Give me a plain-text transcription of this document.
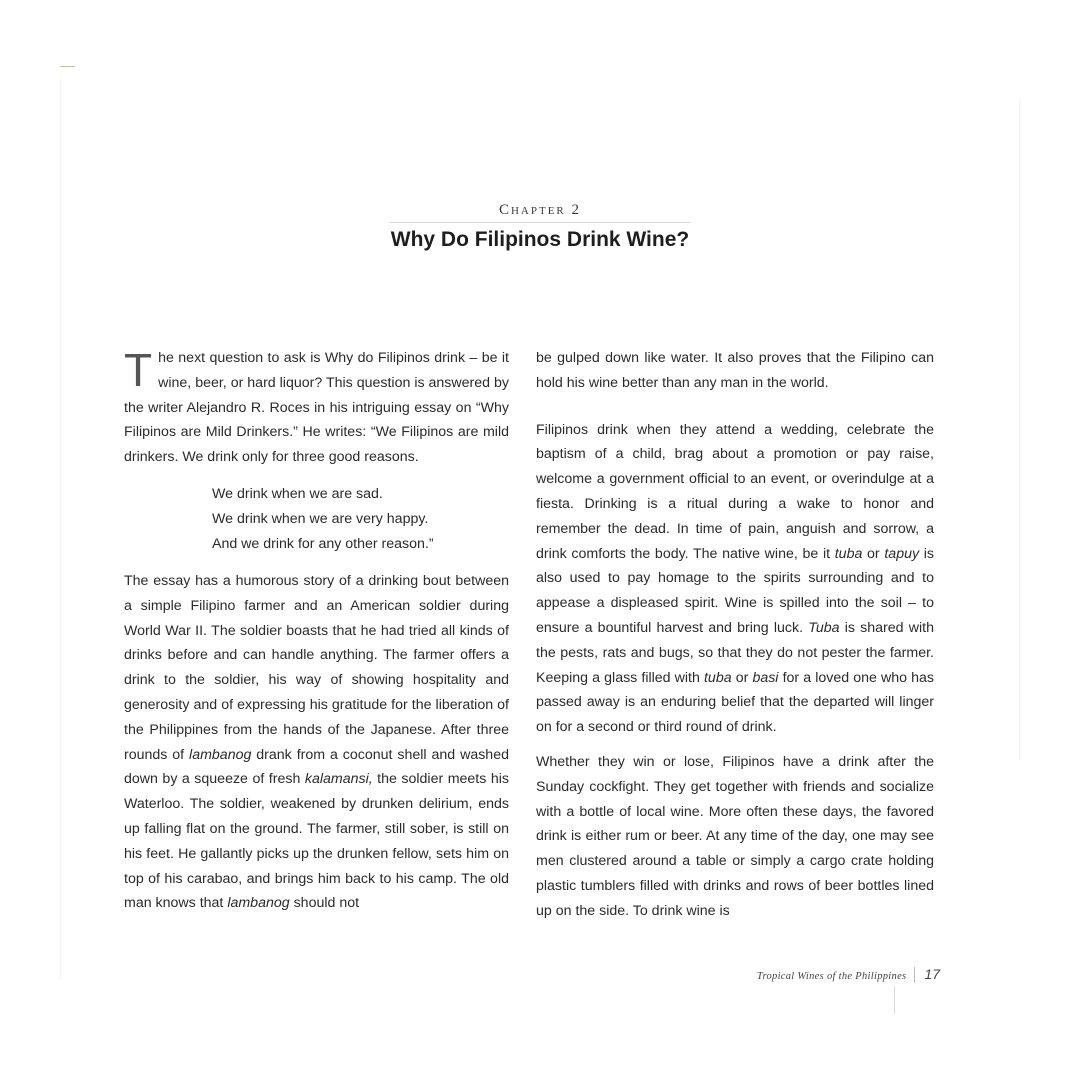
Chapter 2
Why Do Filipinos Drink Wine?

The next question to ask is Why do Filipinos drink – be it wine, beer, or hard liquor? This question is answered by the writer Alejandro R. Roces in his intriguing essay on “Why Filipinos are Mild Drinkers.” He writes: “We Filipinos are mild drinkers. We drink only for three good reasons.

We drink when we are sad.
We drink when we are very happy.
And we drink for any other reason.”

The essay has a humorous story of a drinking bout between a simple Filipino farmer and an American soldier during World War II. The soldier boasts that he had tried all kinds of drinks before and can handle anything. The farmer offers a drink to the soldier, his way of showing hospitality and generosity and of expressing his gratitude for the liberation of the Philippines from the hands of the Japanese. After three rounds of lambanog drank from a coconut shell and washed down by a squeeze of fresh kalamansi, the soldier meets his Waterloo. The soldier, weakened by drunken delirium, ends up falling flat on the ground. The farmer, still sober, is still on his feet. He gallantly picks up the drunken fellow, sets him on top of his carabao, and brings him back to his camp. The old man knows that lambanog should not

be gulped down like water. It also proves that the Filipino can hold his wine better than any man in the world.

Filipinos drink when they attend a wedding, celebrate the baptism of a child, brag about a promotion or pay raise, welcome a government official to an event, or overindulge at a fiesta. Drinking is a ritual during a wake to honor and remember the dead. In time of pain, anguish and sorrow, a drink comforts the body. The native wine, be it tuba or tapuy is also used to pay homage to the spirits surrounding and to appease a displeased spirit. Wine is spilled into the soil – to ensure a bountiful harvest and bring luck. Tuba is shared with the pests, rats and bugs, so that they do not pester the farmer. Keeping a glass filled with tuba or basi for a loved one who has passed away is an enduring belief that the departed will linger on for a second or third round of drink.

Whether they win or lose, Filipinos have a drink after the Sunday cockfight. They get together with friends and socialize with a bottle of local wine. More often these days, the favored drink is either rum or beer. At any time of the day, one may see men clustered around a table or simply a cargo crate holding plastic tumblers filled with drinks and rows of beer bottles lined up on the side. To drink wine is

Tropical Wines of the Philippines 17
